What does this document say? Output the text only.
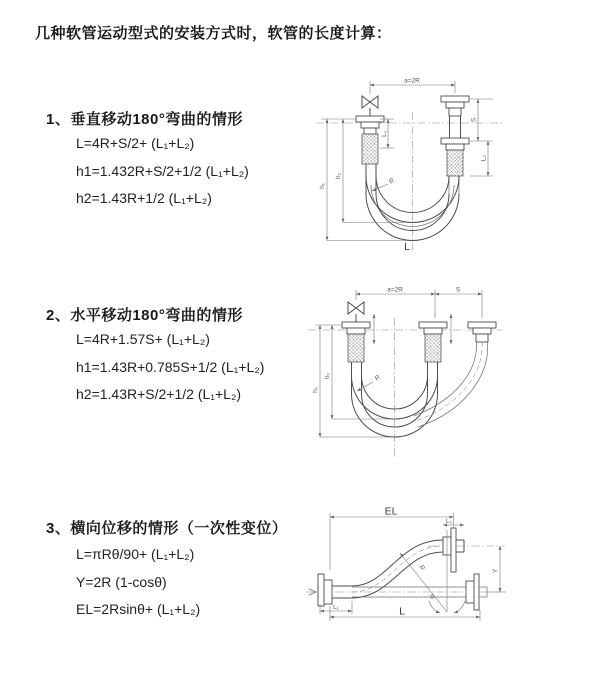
几种软管运动型式的安装方式时，软管的长度计算：
1、垂直移动180°弯曲的情形
L=4R+S/2+ (L₁+L₂)
h1=1.432R+S/2+1/2 (L₁+L₂)
h2=1.43R+1/2 (L₁+L₂)
2、水平移动180°弯曲的情形
L=4R+1.57S+ (L₁+L₂)
h1=1.43R+0.785S+1/2 (L₁+L₂)
h2=1.43R+S/2+1/2 (L₁+L₂)
3、横向位移的情形（一次性变位）
L=πRθ/90+ (L₁+L₂)
Y=2R (1-cosθ)
EL=2Rsinθ+ (L₁+L₂)
a=2R
L₁
S
L₂
h₁
h₂
R
L
a=2R	S
h₁
h₂	R
θ
R
EL
L₂
Y
L
L₁
